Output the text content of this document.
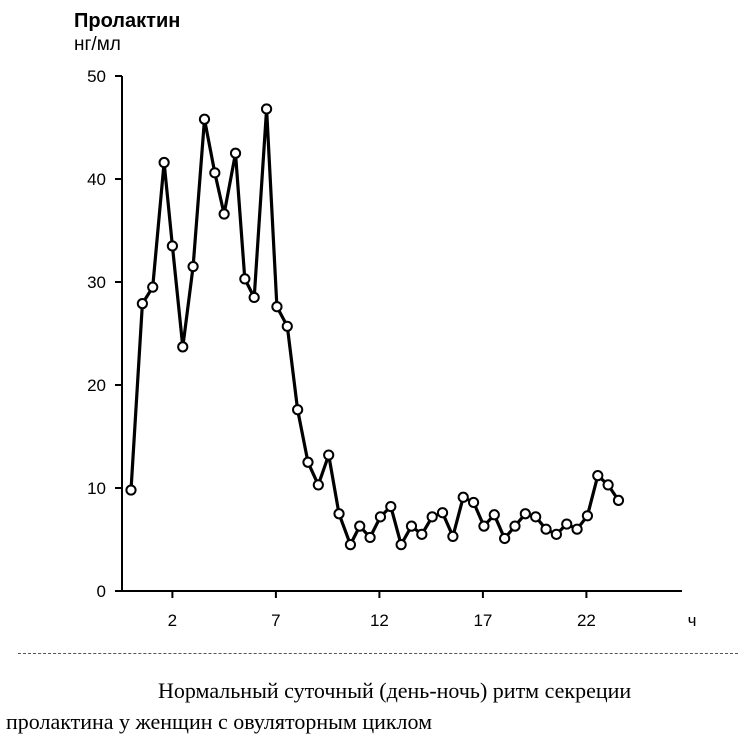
Пролактин
нг/мл
0
10
20
30
40
50
2	7	12	17	22	ч
Нормальный суточный (день-ночь) ритм секреции
пролактина у женщин с овуляторным циклом
